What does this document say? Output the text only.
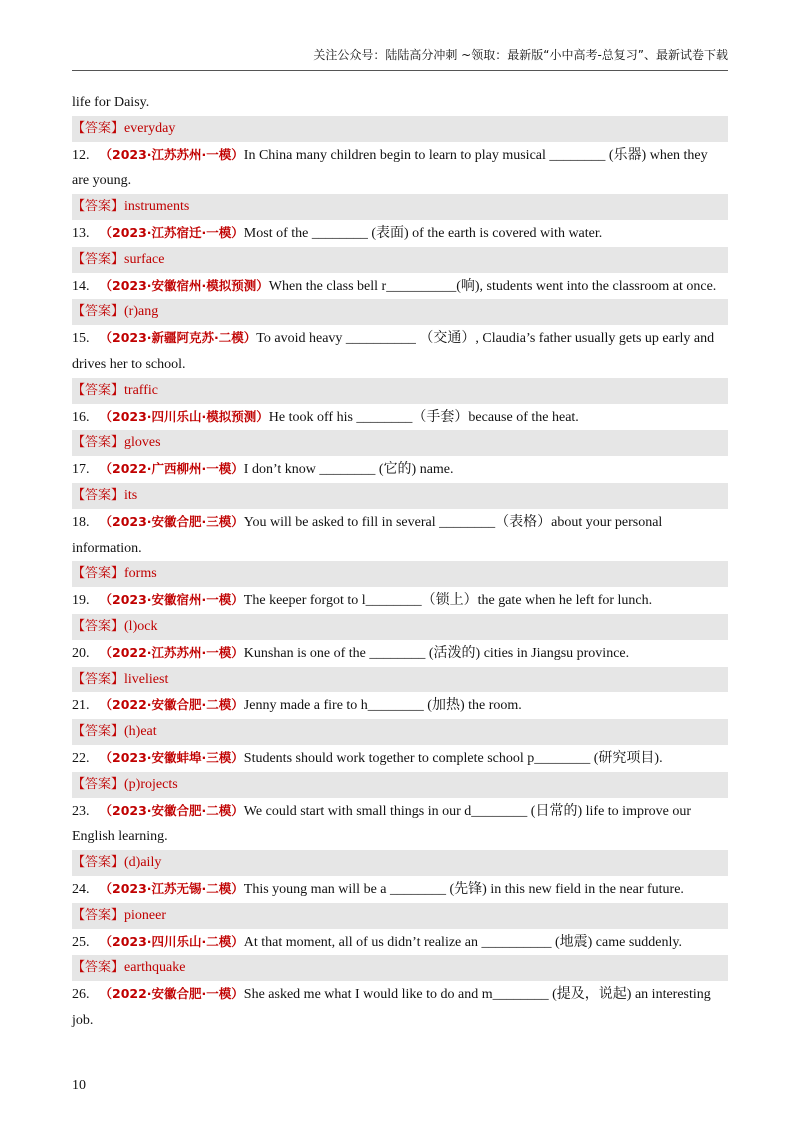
关注公众号：陆陆高分冲刺 ~领取：最新版“小中高考-总复习”、最新试卷下载
life for Daisy.
【答案】everyday
12. （2023·江苏苏州·一模）In China many children begin to learn to play musical ________ (乐器) when they are young.
【答案】instruments
13. （2023·江苏宿迁·一模）Most of the ________ (表面) of the earth is covered with water.
【答案】surface
14. （2023·安徽宿州·模拟预测）When the class bell r__________(响), students went into the classroom at once.
【答案】(r)ang
15. （2023·新疆阿克苏·二模）To avoid heavy __________ （交通）, Claudia’s father usually gets up early and drives her to school.
【答案】traffic
16. （2023·四川乐山·模拟预测）He took off his ________（手套）because of the heat.
【答案】gloves
17. （2022·广西柳州·一模）I don’t know ________ (它的) name.
【答案】its
18. （2023·安徽合肥·三模）You will be asked to fill in several ________（表格）about your personal information.
【答案】forms
19. （2023·安徽宿州·一模）The keeper forgot to l________（锁上）the gate when he left for lunch.
【答案】(l)ock
20. （2022·江苏苏州·一模）Kunshan is one of the ________ (活泼的) cities in Jiangsu province.
【答案】liveliest
21. （2022·安徽合肥·二模）Jenny made a fire to h________ (加热) the room.
【答案】(h)eat
22. （2023·安徽蚌埠·三模）Students should work together to complete school p________ (研究项目).
【答案】(p)rojects
23. （2023·安徽合肥·二模）We could start with small things in our d________ (日常的) life to improve our English learning.
【答案】(d)aily
24. （2023·江苏无锡·二模）This young man will be a ________ (先锋) in this new field in the near future.
【答案】pioneer
25. （2023·四川乐山·二模）At that moment, all of us didn’t realize an __________ (地震) came suddenly.
【答案】earthquake
26. （2022·安徽合肥·一模）She asked me what I would like to do and m________ (提及，说起) an interesting job.
10
